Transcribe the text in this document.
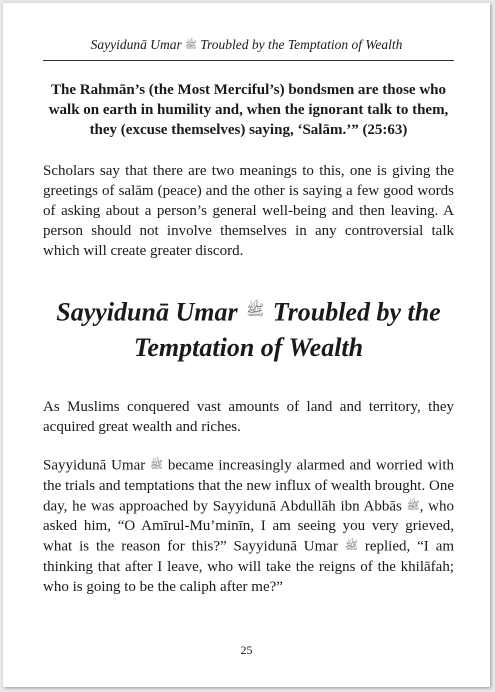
Sayyidunā Umar ﷺ Troubled by the Temptation of Wealth
The Rahmān’s (the Most Merciful’s) bondsmen are those who walk on earth in humility and, when the ignorant talk to them, they (excuse themselves) saying, ‘Salām.’” (25:63)
Scholars say that there are two meanings to this, one is giving the greetings of salām (peace) and the other is saying a few good words of asking about a person’s general well-being and then leaving. A person should not involve themselves in any controversial talk which will create greater discord.
Sayyidunā Umar ﷺ Troubled by the Temptation of Wealth
As Muslims conquered vast amounts of land and territory, they acquired great wealth and riches.
Sayyidunā Umar ﷺ became increasingly alarmed and worried with the trials and temptations that the new influx of wealth brought. One day, he was approached by Sayyidunā Abdullāh ibn Abbās ﷺ, who asked him, “O Amīrul-Mu’minīn, I am seeing you very grieved, what is the reason for this?” Sayyidunā Umar ﷺ replied, “I am thinking that after I leave, who will take the reigns of the khilāfah; who is going to be the caliph after me?”
25
